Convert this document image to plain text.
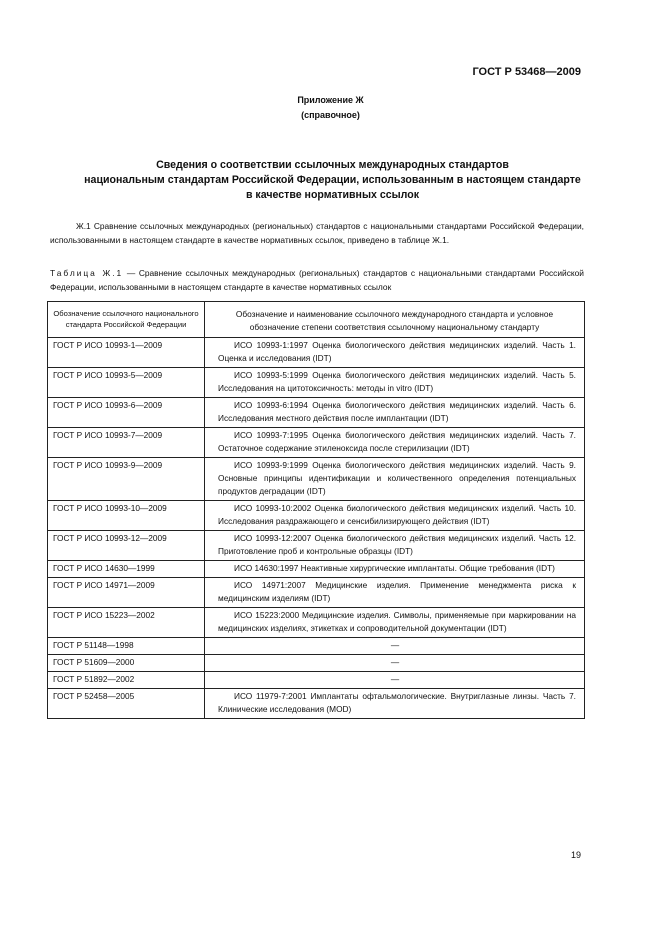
ГОСТ Р 53468—2009
Приложение Ж
(справочное)
Сведения о соответствии ссылочных международных стандартов
национальным стандартам Российской Федерации, использованным в настоящем стандарте
в качестве нормативных ссылок
Ж.1 Сравнение ссылочных международных (региональных) стандартов с национальными стандартами Российской Федерации, использованными в настоящем стандарте в качестве нормативных ссылок, приведено в таблице Ж.1.
Таблица Ж.1 — Сравнение ссылочных международных (региональных) стандартов с национальными стандартами Российской Федерации, использованными в настоящем стандарте в качестве нормативных ссылок
Обозначение ссылочного национального стандарта Российской Федерации	Обозначение и наименование ссылочного международного стандарта и условное обозначение степени соответствия ссылочному национальному стандарту
ГОСТ Р ИСО 10993-1—2009	ИСО 10993-1:1997 Оценка биологического действия медицинских изделий. Часть 1. Оценка и исследования (IDT)
ГОСТ Р ИСО 10993-5—2009	ИСО 10993-5:1999 Оценка биологического действия медицинских изделий. Часть 5. Исследования на цитотоксичность: методы in vitro (IDT)
ГОСТ Р ИСО 10993-6—2009	ИСО 10993-6:1994 Оценка биологического действия медицинских изделий. Часть 6. Исследования местного действия после имплантации (IDT)
ГОСТ Р ИСО 10993-7—2009	ИСО 10993-7:1995 Оценка биологического действия медицинских изделий. Часть 7. Остаточное содержание этиленоксида после стерилизации (IDT)
ГОСТ Р ИСО 10993-9—2009	ИСО 10993-9:1999 Оценка биологического действия медицинских изделий. Часть 9. Основные принципы идентификации и количественного определения потенциальных продуктов деградации (IDT)
ГОСТ Р ИСО 10993-10—2009	ИСО 10993-10:2002 Оценка биологического действия медицинских изделий. Часть 10. Исследования раздражающего и сенсибилизирующего действия (IDT)
ГОСТ Р ИСО 10993-12—2009	ИСО 10993-12:2007 Оценка биологического действия медицинских изделий. Часть 12. Приготовление проб и контрольные образцы (IDT)
ГОСТ Р ИСО 14630—1999	ИСО 14630:1997 Неактивные хирургические имплантаты. Общие требования (IDT)
ГОСТ Р ИСО 14971—2009	ИСО 14971:2007 Медицинские изделия. Применение менеджмента риска к медицинским изделиям (IDT)
ГОСТ Р ИСО 15223—2002	ИСО 15223:2000 Медицинские изделия. Символы, применяемые при маркировании на медицинских изделиях, этикетках и сопроводительной документации (IDT)
ГОСТ Р 51148—1998	—
ГОСТ Р 51609—2000	—
ГОСТ Р 51892—2002	—
ГОСТ Р 52458—2005	ИСО 11979-7:2001 Имплантаты офтальмологические. Внутриглазные линзы. Часть 7. Клинические исследования (MOD)
19
